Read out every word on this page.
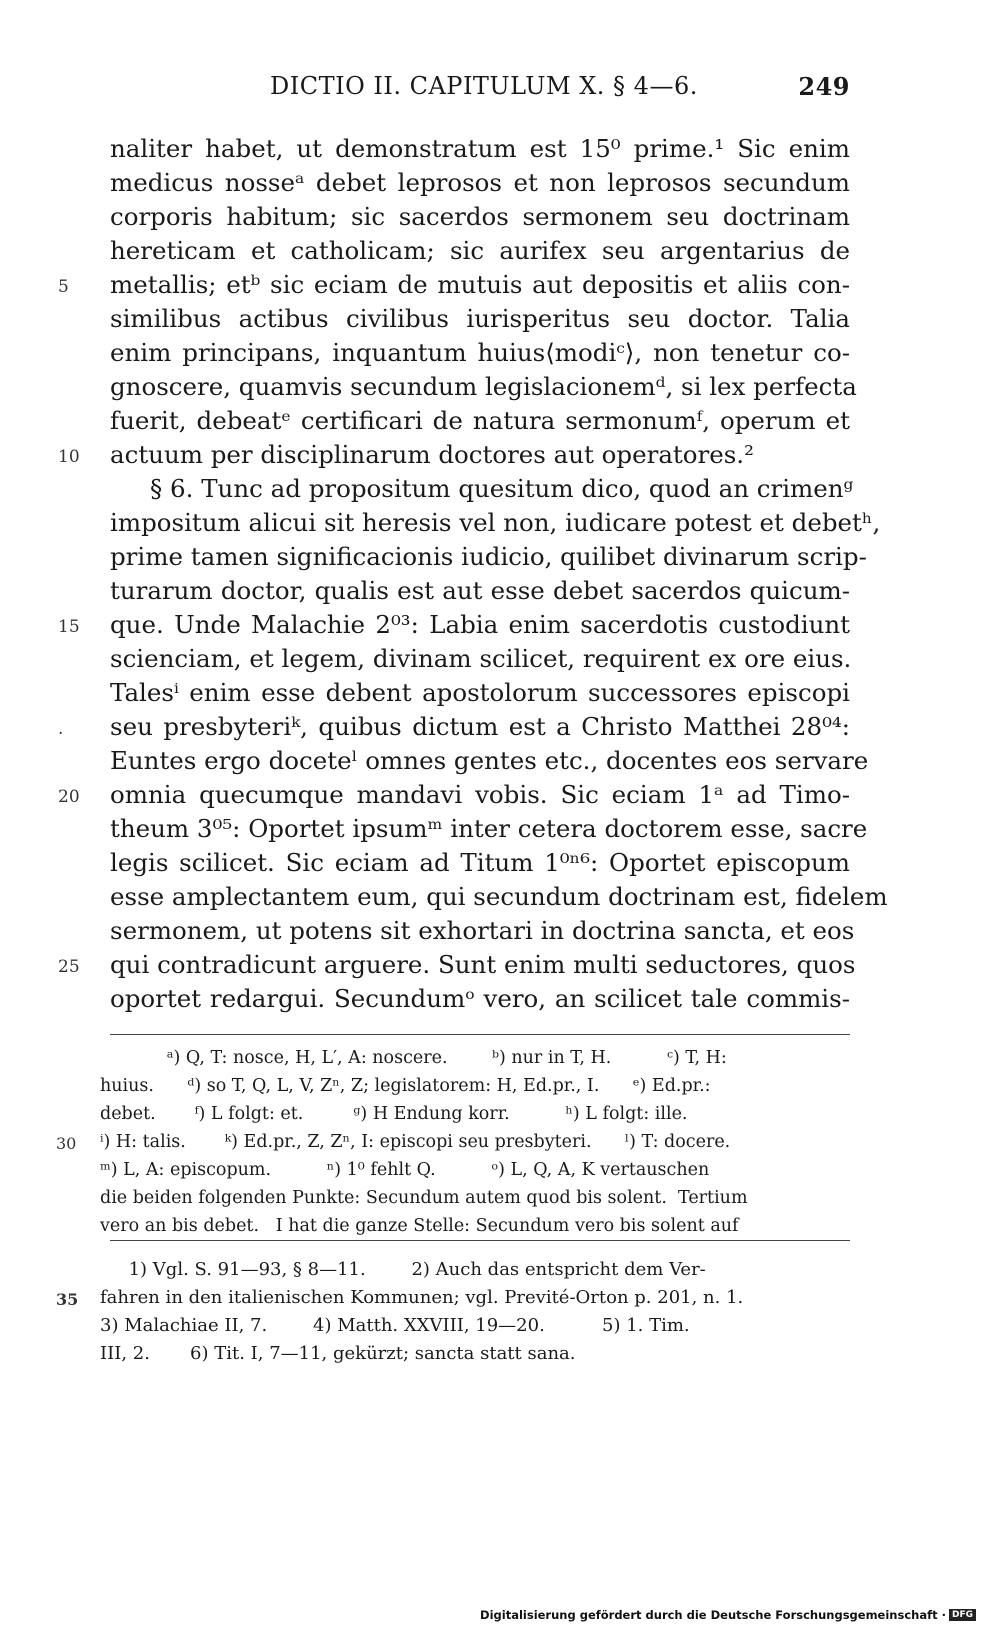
DICTIO II. CAPITULUM X. § 4—6.	249
naliter habet, ut demonstratum est 15⁰ prime.¹ Sic enim
medicus nosseᵃ debet leprosos et non leprosos secundum
corporis habitum; sic sacerdos sermonem seu doctrinam
hereticam et catholicam; sic aurifex seu argentarius de
5 metallis; etᵇ sic eciam de mutuis aut depositis et aliis con-
similibus actibus civilibus iurisperitus seu doctor. Talia
enim principans, inquantum huius⟨modiᶜ⟩, non tenetur co-
gnoscere, quamvis secundum legislacionemᵈ, si lex perfecta
fuerit, debeatᵉ certificari de natura sermonumᶠ, operum et
10 actuum per disciplinarum doctores aut operatores.²
§ 6. Tunc ad propositum quesitum dico, quod an crimenᵍ
impositum alicui sit heresis vel non, iudicare potest et debetʰ,
prime tamen significacionis iudicio, quilibet divinarum scrip-
turarum doctor, qualis est aut esse debet sacerdos quicum-
15 que. Unde Malachie 2⁰³: Labia enim sacerdotis custodiunt
scienciam, et legem, divinam scilicet, requirent ex ore eius.
Talesⁱ enim esse debent apostolorum successores episcopi
. seu presbyteriᵏ, quibus dictum est a Christo Matthei 28⁰⁴:
Euntes ergo doceteˡ omnes gentes etc., docentes eos servare
20 omnia quecumque mandavi vobis. Sic eciam 1ᵃ ad Timo-
theum 3⁰⁵: Oportet ipsumᵐ inter cetera doctorem esse, sacre
legis scilicet. Sic eciam ad Titum 1⁰ⁿ⁶: Oportet episcopum
esse amplectantem eum, qui secundum doctrinam est, fidelem
sermonem, ut potens sit exhortari in doctrina sancta, et eos
25 qui contradicunt arguere. Sunt enim multi seductores, quos
oportet redargui. Secundumᵒ vero, an scilicet tale commis-
ᵃ) Q, T: nosce, H, L′, A: noscere.        ᵇ) nur in T, H.          ᶜ) T, H:
huius.      ᵈ) so T, Q, L, V, Zⁿ, Z; legislatorem: H, Ed.pr., I.      ᵉ) Ed.pr.:
debet.       ᶠ) L folgt: et.         ᵍ) H Endung korr.          ʰ) L folgt: ille.
30 ⁱ) H: talis.       ᵏ) Ed.pr., Z, Zⁿ, I: episcopi seu presbyteri.      ˡ) T: docere.
ᵐ) L, A: episcopum.          ⁿ) 1⁰ fehlt Q.          ᵒ) L, Q, A, K vertauschen
die beiden folgenden Punkte: Secundum autem quod bis solent.  Tertium
vero an bis debet.   I hat die ganze Stelle: Secundum vero bis solent auf
1) Vgl. S. 91—93, § 8—11.        2) Auch das entspricht dem Ver-
35 fahren in den italienischen Kommunen; vgl. Previté-Orton p. 201, n. 1.
3) Malachiae II, 7.        4) Matth. XXVIII, 19—20.          5) 1. Tim.
III, 2.       6) Tit. I, 7—11, gekürzt; sancta statt sana.
Digitalisierung gefördert durch die Deutsche Forschungsgemeinschaft · DFG
